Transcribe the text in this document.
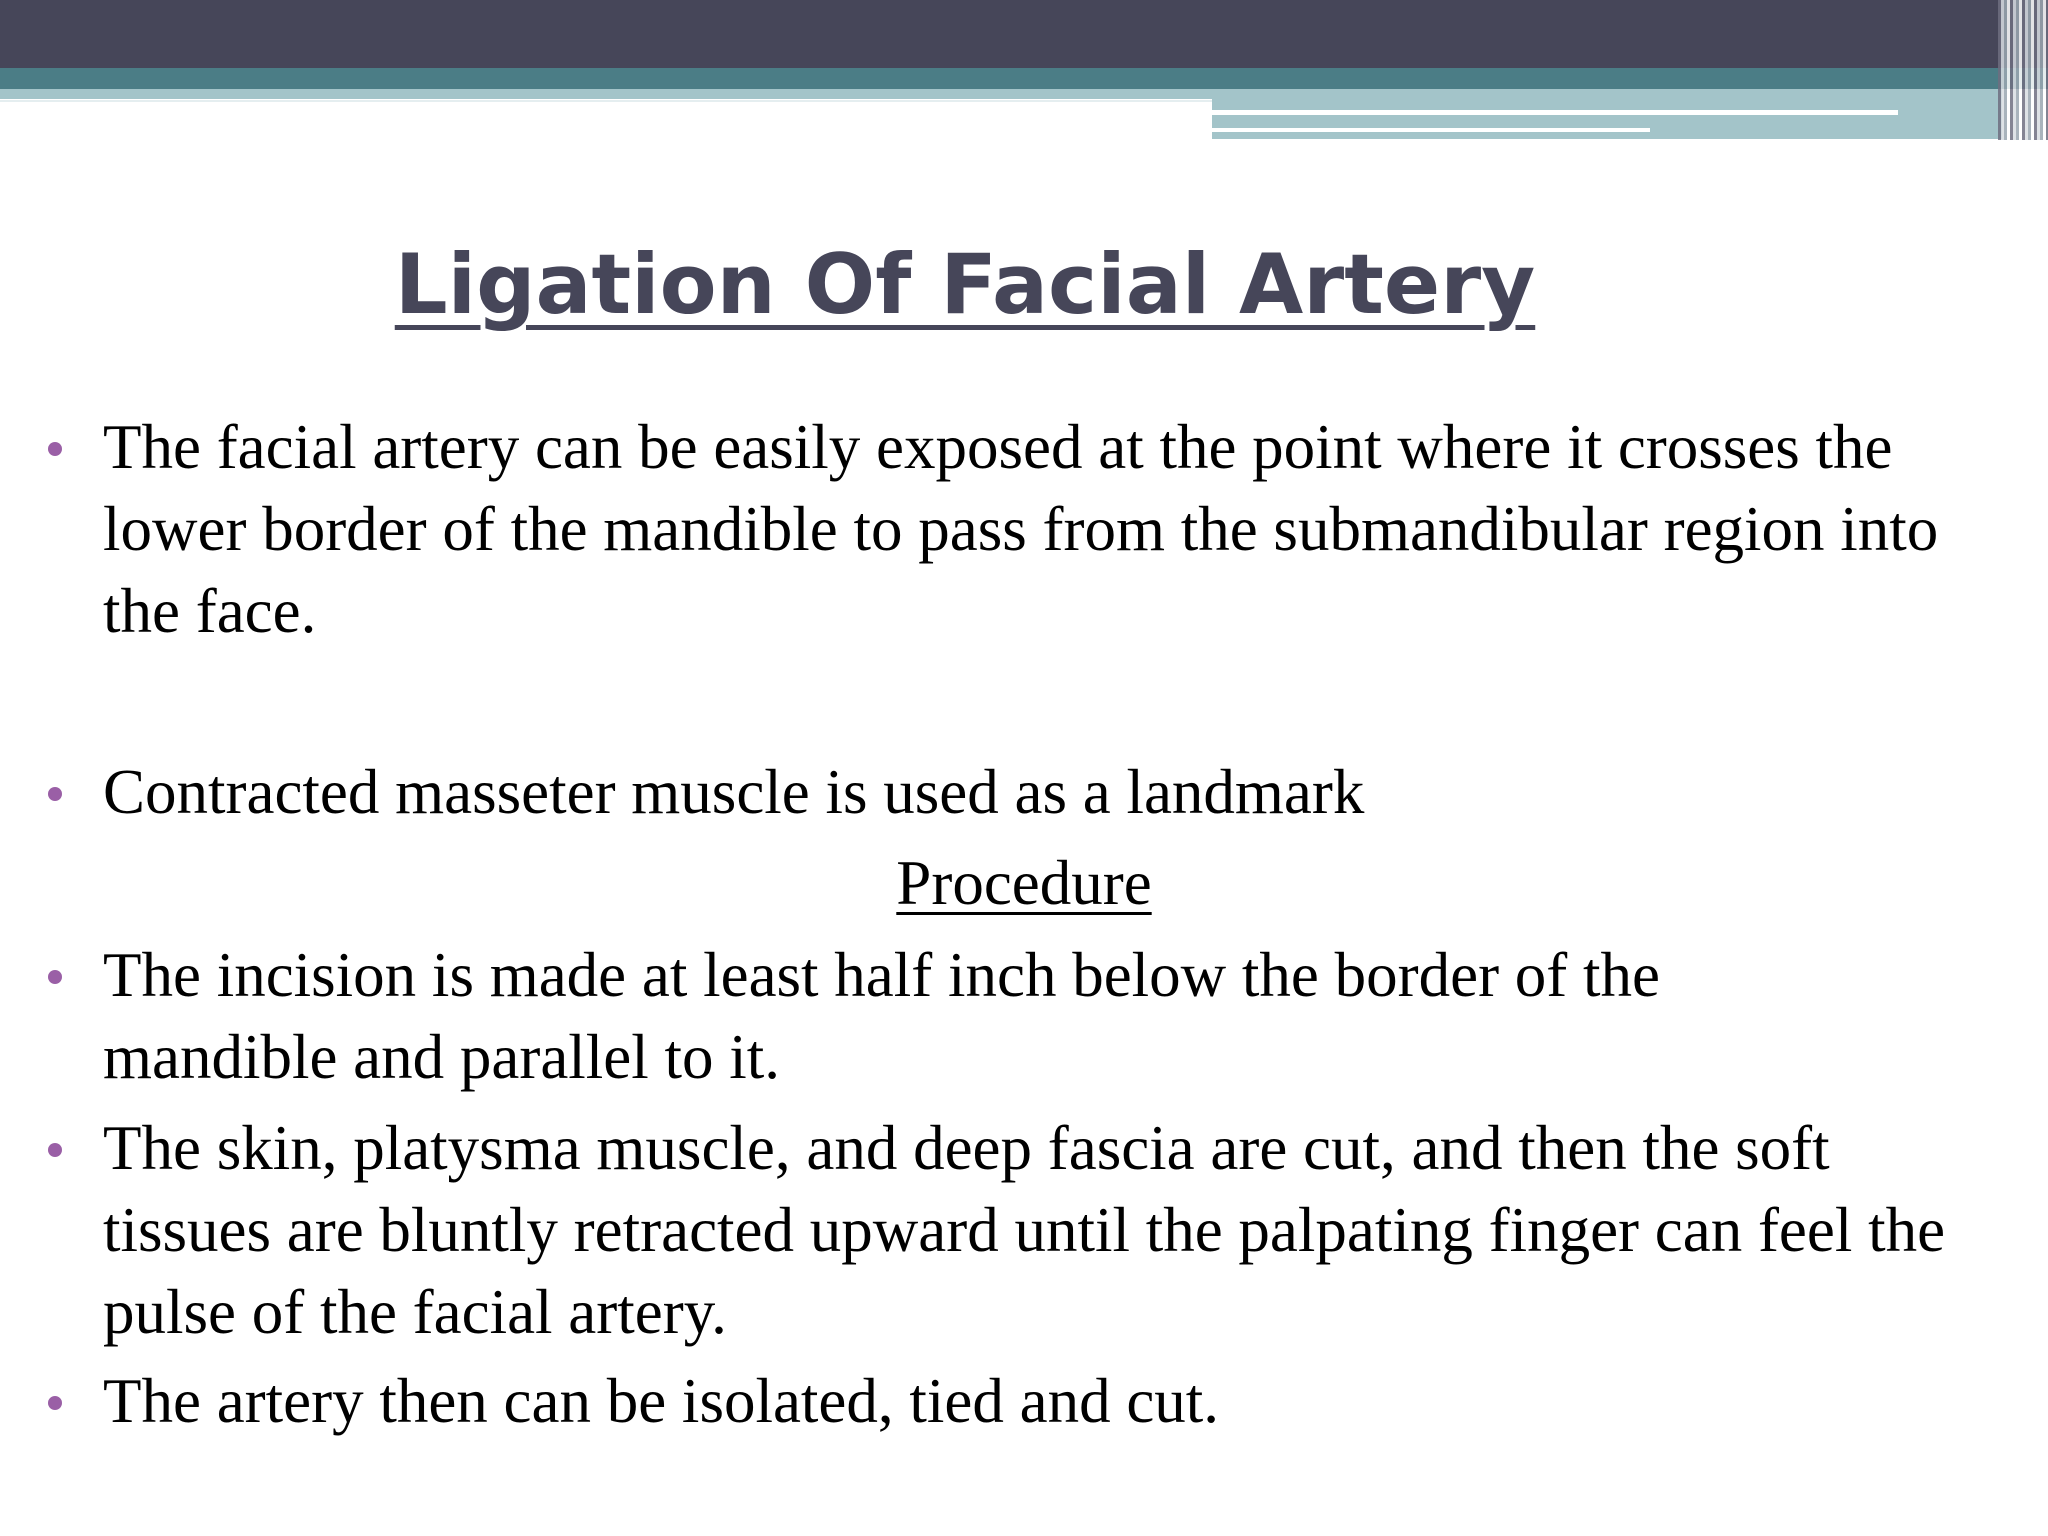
Ligation Of Facial Artery

The facial artery can be easily exposed at the point where it crosses the lower border of the mandible to pass from the submandibular region into the face.

Contracted masseter muscle is used as a landmark

Procedure

The incision is made at least half inch below the border of the mandible and parallel to it.

The skin, platysma muscle, and deep fascia are cut, and then the soft tissues are bluntly retracted upward until the palpating finger can feel the pulse of the facial artery.

The artery then can be isolated, tied and cut.
